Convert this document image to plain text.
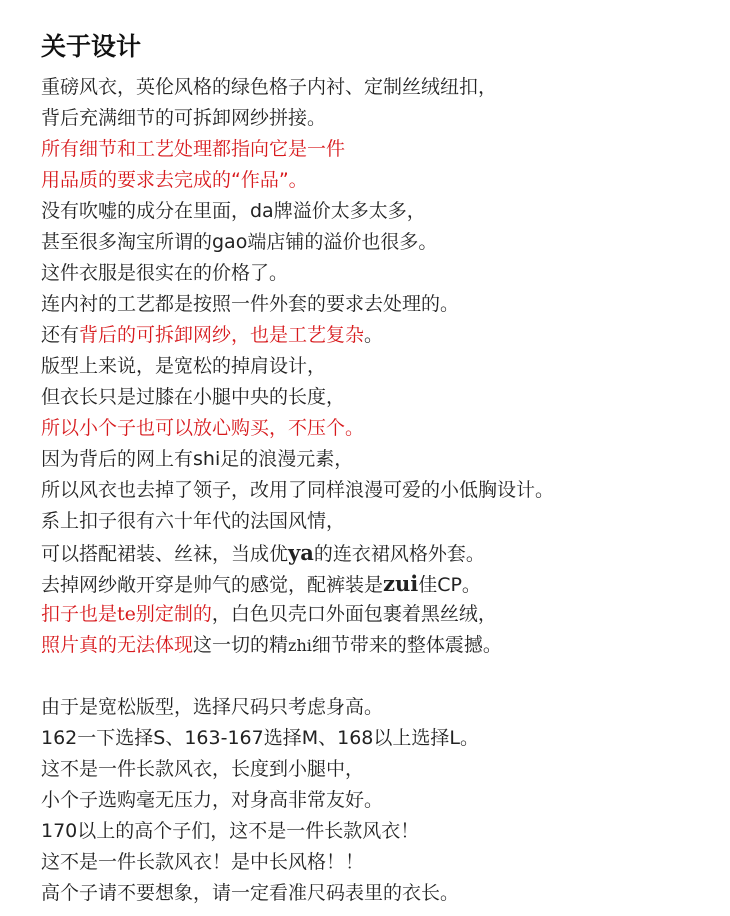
关于设计

重磅风衣，英伦风格的绿色格子内衬、定制丝绒纽扣，

背后充满细节的可拆卸网纱拼接。

所有细节和工艺处理都指向它是一件

用品质的要求去完成的“作品”。

没有吹嘘的成分在里面，da牌溢价太多太多，

甚至很多淘宝所谓的gao端店铺的溢价也很多。

这件衣服是很实在的价格了。

连内衬的工艺都是按照一件外套的要求去处理的。

还有背后的可拆卸网纱，也是工艺复杂。

版型上来说，是宽松的掉肩设计，

但衣长只是过膝在小腿中央的长度，

所以小个子也可以放心购买，不压个。

因为背后的网上有shi足的浪漫元素，

所以风衣也去掉了领子，改用了同样浪漫可爱的小低胸设计。

系上扣子很有六十年代的法国风情，

可以搭配裙装、丝袜，当成优ya的连衣裙风格外套。

去掉网纱敞开穿是帅气的感觉，配裤装是zui佳CP。

扣子也是te别定制的，白色贝壳口外面包裹着黑丝绒，

照片真的无法体现这一切的精zhi细节带来的整体震撼。

由于是宽松版型，选择尺码只考虑身高。

162一下选择S、163-167选择M、168以上选择L。

这不是一件长款风衣，长度到小腿中，

小个子选购毫无压力，对身高非常友好。

170以上的高个子们，这不是一件长款风衣！

这不是一件长款风衣！是中长风格！！

高个子请不要想象，请一定看准尺码表里的衣长。
